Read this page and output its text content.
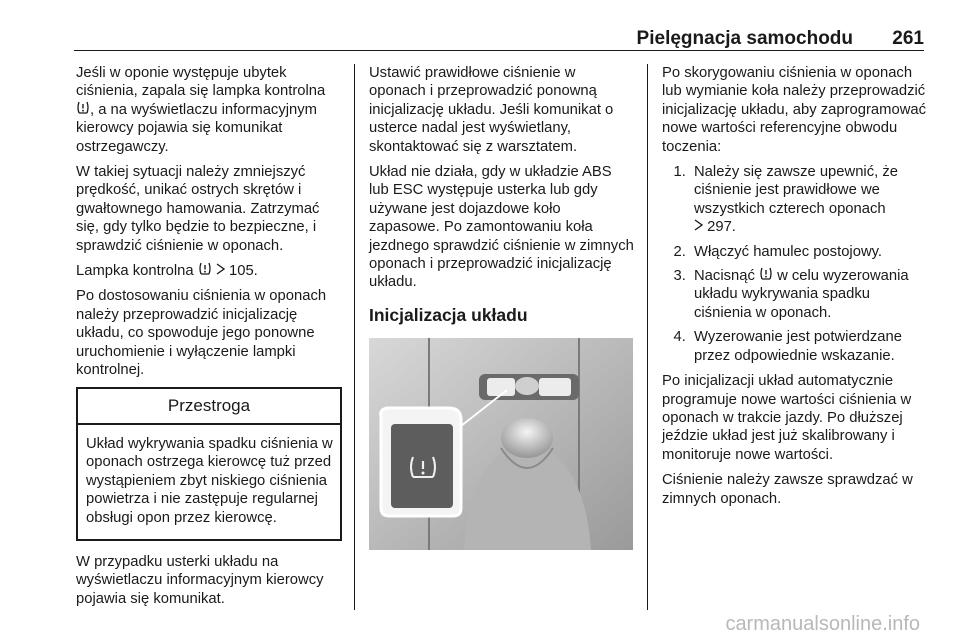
Pielęgnacja samochodu 261

Jeśli w oponie występuje ubytek ciśnienia, zapala się lampka kontrolna , a na wyświetlaczu informacyjnym kierowcy pojawia się komunikat ostrzegawczy.

W takiej sytuacji należy zmniejszyć prędkość, unikać ostrych skrętów i gwałtownego hamowania. Zatrzymać się, gdy tylko będzie to bezpieczne, i sprawdzić ciśnienie w oponach.

Lampka kontrolna   105.

Po dostosowaniu ciśnienia w oponach należy przeprowadzić inicjalizację układu, co spowoduje jego ponowne uruchomienie i wyłączenie lampki kontrolnej.

Przestroga

Układ wykrywania spadku ciśnienia w oponach ostrzega kierowcę tuż przed wystąpieniem zbyt niskiego ciśnienia powietrza i nie zastępuje regularnej obsługi opon przez kierowcę.

W przypadku usterki układu na wyświetlaczu informacyjnym kierowcy pojawia się komunikat.

Ustawić prawidłowe ciśnienie w oponach i przeprowadzić ponowną inicjalizację układu. Jeśli komunikat o usterce nadal jest wyświetlany, skontaktować się z warsztatem.

Układ nie działa, gdy w układzie ABS lub ESC występuje usterka lub gdy używane jest dojazdowe koło zapasowe. Po zamontowaniu koła jezdnego sprawdzić ciśnienie w zimnych oponach i przeprowadzić inicjalizację układu.

Inicjalizacja układu

Po skorygowaniu ciśnienia w oponach lub wymianie koła należy przeprowadzić inicjalizację układu, aby zaprogramować nowe wartości referencyjne obwodu toczenia:

1. Należy się zawsze upewnić, że ciśnienie jest prawidłowe we wszystkich czterech oponach
297.
2. Włączyć hamulec postojowy.
3. Nacisnąć  w celu wyzerowania układu wykrywania spadku ciśnienia w oponach.
4. Wyzerowanie jest potwierdzane przez odpowiednie wskazanie.

Po inicjalizacji układ automatycznie programuje nowe wartości ciśnienia w oponach w trakcie jazdy. Po dłuższej jeździe układ jest już skalibrowany i monitoruje nowe wartości.

Ciśnienie należy zawsze sprawdzać w zimnych oponach.

carmanualsonline.info
